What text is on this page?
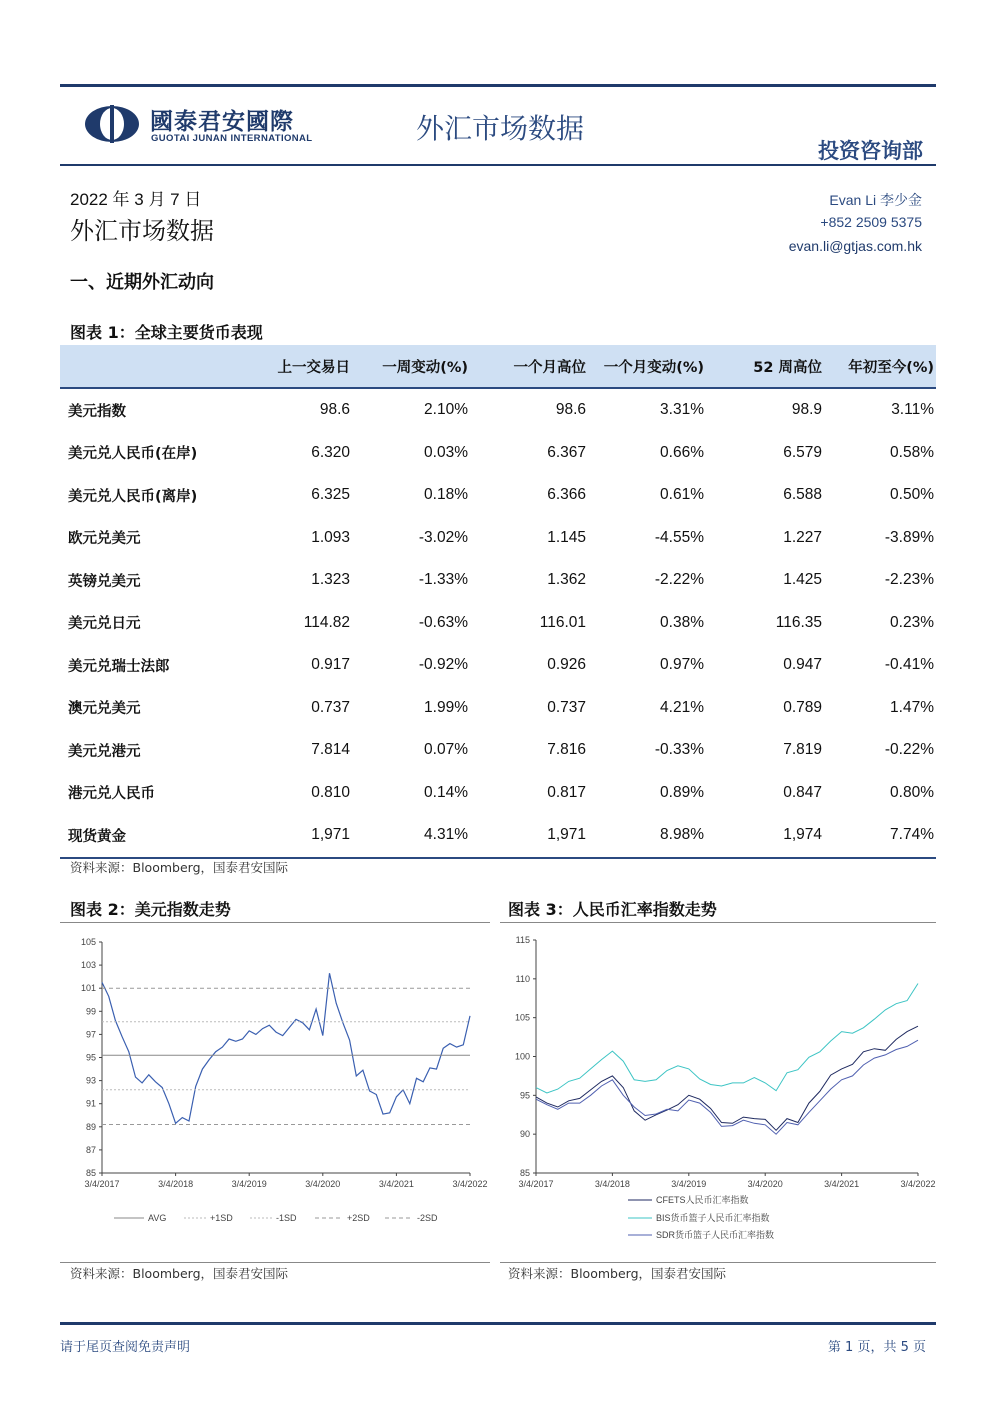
國泰君安國際
GUOTAI JUNAN INTERNATIONAL	外汇市场数据
投资咨询部
2022 年 3 月 7 日
外汇市场数据
Evan Li 李少金
+852 2509 5375
evan.li@gtjas.com.hk
一、近期外汇动向
图表 1：全球主要货币表现
	上一交易日	一周变动(%)	一个月高位	一个月变动(%)	52 周高位	年初至今(%)
美元指数	98.6	2.10%	98.6	3.31%	98.9	3.11%
美元兑人民币(在岸)	6.320	0.03%	6.367	0.66%	6.579	0.58%
美元兑人民币(离岸)	6.325	0.18%	6.366	0.61%	6.588	0.50%
欧元兑美元	1.093	-3.02%	1.145	-4.55%	1.227	-3.89%
英镑兑美元	1.323	-1.33%	1.362	-2.22%	1.425	-2.23%
美元兑日元	114.82	-0.63%	116.01	0.38%	116.35	0.23%
美元兑瑞士法郎	0.917	-0.92%	0.926	0.97%	0.947	-0.41%
澳元兑美元	0.737	1.99%	0.737	4.21%	0.789	1.47%
美元兑港元	7.814	0.07%	7.816	-0.33%	7.819	-0.22%
港元兑人民币	0.810	0.14%	0.817	0.89%	0.847	0.80%
现货黄金	1,971	4.31%	1,971	8.98%	1,974	7.74%
资料来源：Bloomberg，国泰君安国际
图表 2：美元指数走势	图表 3：人民币汇率指数走势
85
87
89
91
93
95
97
99
101
103
105
3/4/2017	3/4/2018	3/4/2019	3/4/2020	3/4/2021	3/4/2022
AVG	+1SD	-1SD	+2SD	-2SD
85
90
95
100
105
110
115
3/4/2017	3/4/2018	3/4/2019	3/4/2020	3/4/2021	3/4/2022
CFETS人民币汇率指数
BIS货币篮子人民币汇率指数
SDR货币篮子人民币汇率指数
资料来源：Bloomberg，国泰君安国际	资料来源：Bloomberg，国泰君安国际
请于尾页查阅免责声明	第 1 页，共 5 页
